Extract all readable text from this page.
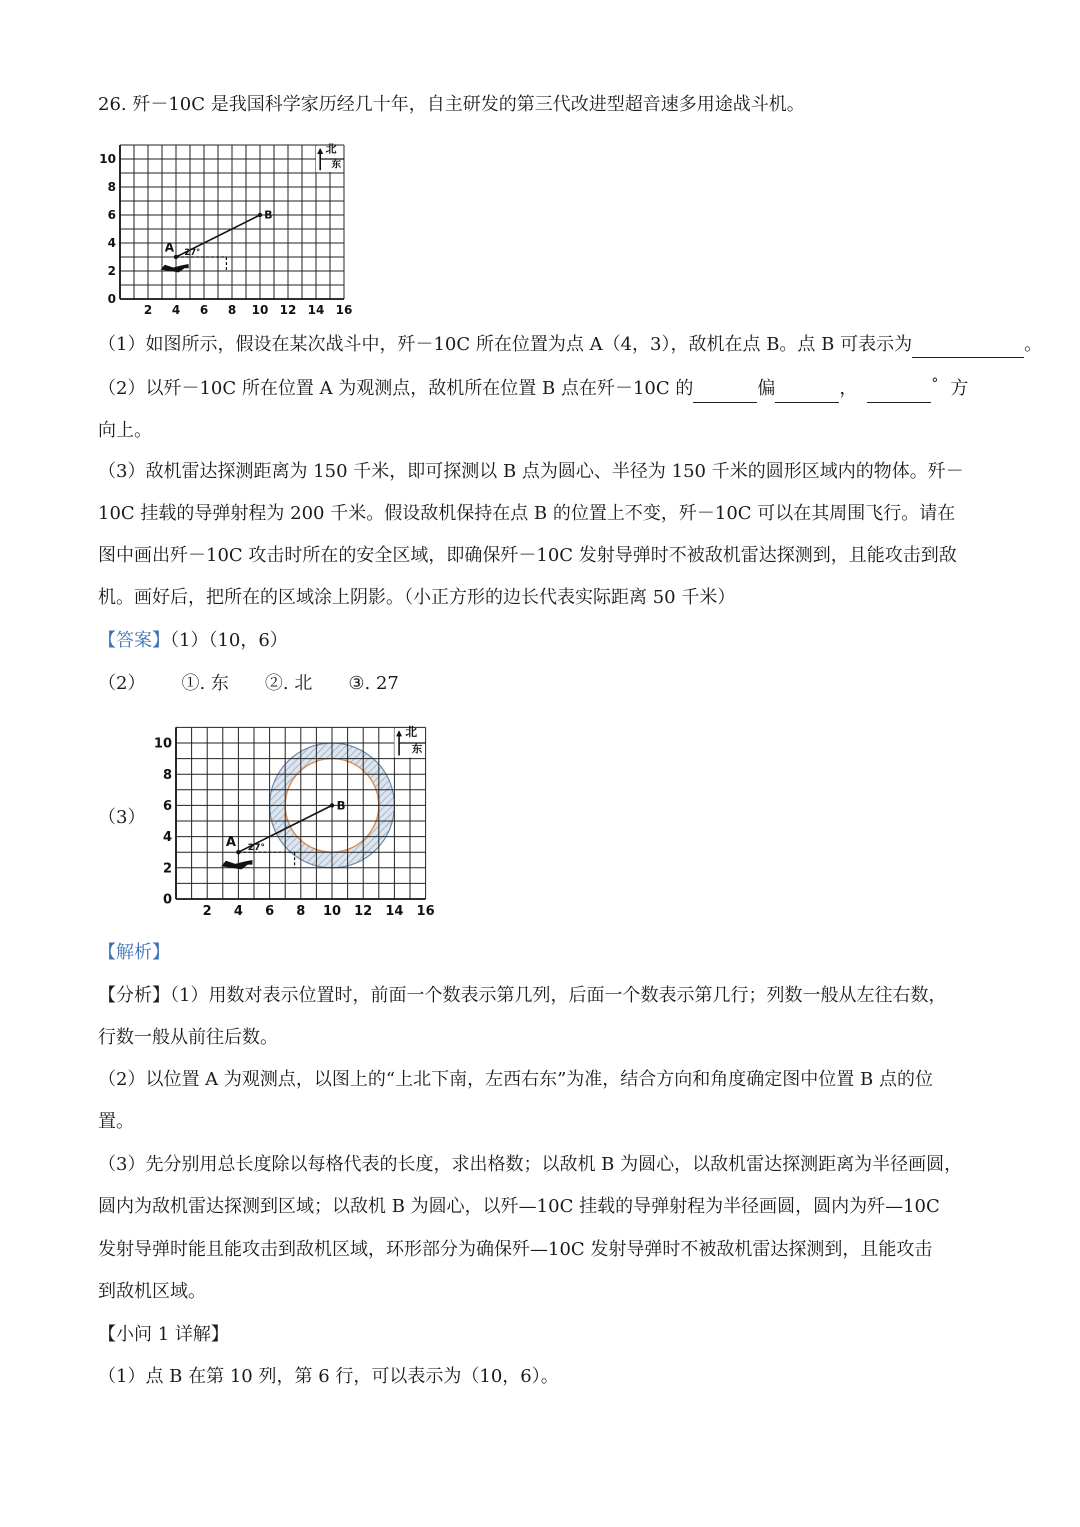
26. 歼－10C 是我国科学家历经几十年，自主研发的第三代改进型超音速多用途战斗机。
0
2
4
6
8
10
2 4 6 8 10 12 14 16
北
东
A
B
27°
（1）如图所示，假设在某次战斗中，歼－10C 所在位置为点 A（4，3），敌机在点 B。点 B 可表示为	。
（2）以歼－10C 所在位置 A 为观测点，敌机所在位置 B 点在歼－10C 的	偏	，	° 方
向上。
（3）敌机雷达探测距离为 150 千米，即可探测以 B 点为圆心、半径为 150 千米的圆形区域内的物体。歼－
10C 挂载的导弹射程为 200 千米。假设敌机保持在点 B 的位置上不变，歼－10C 可以在其周围飞行。请在
图中画出歼－10C 攻击时所在的安全区域，即确保歼－10C 发射导弹时不被敌机雷达探测到，且能攻击到敌
机。画好后，把所在的区域涂上阴影。（小正方形的边长代表实际距离 50 千米）
【答案】（1）（10，6）
（2） ①. 东 ②. 北 ③. 27
（3）
0
2
4
6
8
10
2 4 6 8 10 12 14 16
北
东
A
B
27°
【解析】
【分析】（1）用数对表示位置时，前面一个数表示第几列，后面一个数表示第几行；列数一般从左往右数，
行数一般从前往后数。
（2）以位置 A 为观测点，以图上的“上北下南，左西右东”为准，结合方向和角度确定图中位置 B 点的位
置。
（3）先分别用总长度除以每格代表的长度，求出格数；以敌机 B 为圆心，以敌机雷达探测距离为半径画圆，
圆内为敌机雷达探测到区域；以敌机 B 为圆心，以歼—10C 挂载的导弹射程为半径画圆，圆内为歼—10C
发射导弹时能且能攻击到敌机区域，环形部分为确保歼—10C 发射导弹时不被敌机雷达探测到，且能攻击
到敌机区域。
【小问 1 详解】
（1）点 B 在第 10 列，第 6 行，可以表示为（10，6）。
